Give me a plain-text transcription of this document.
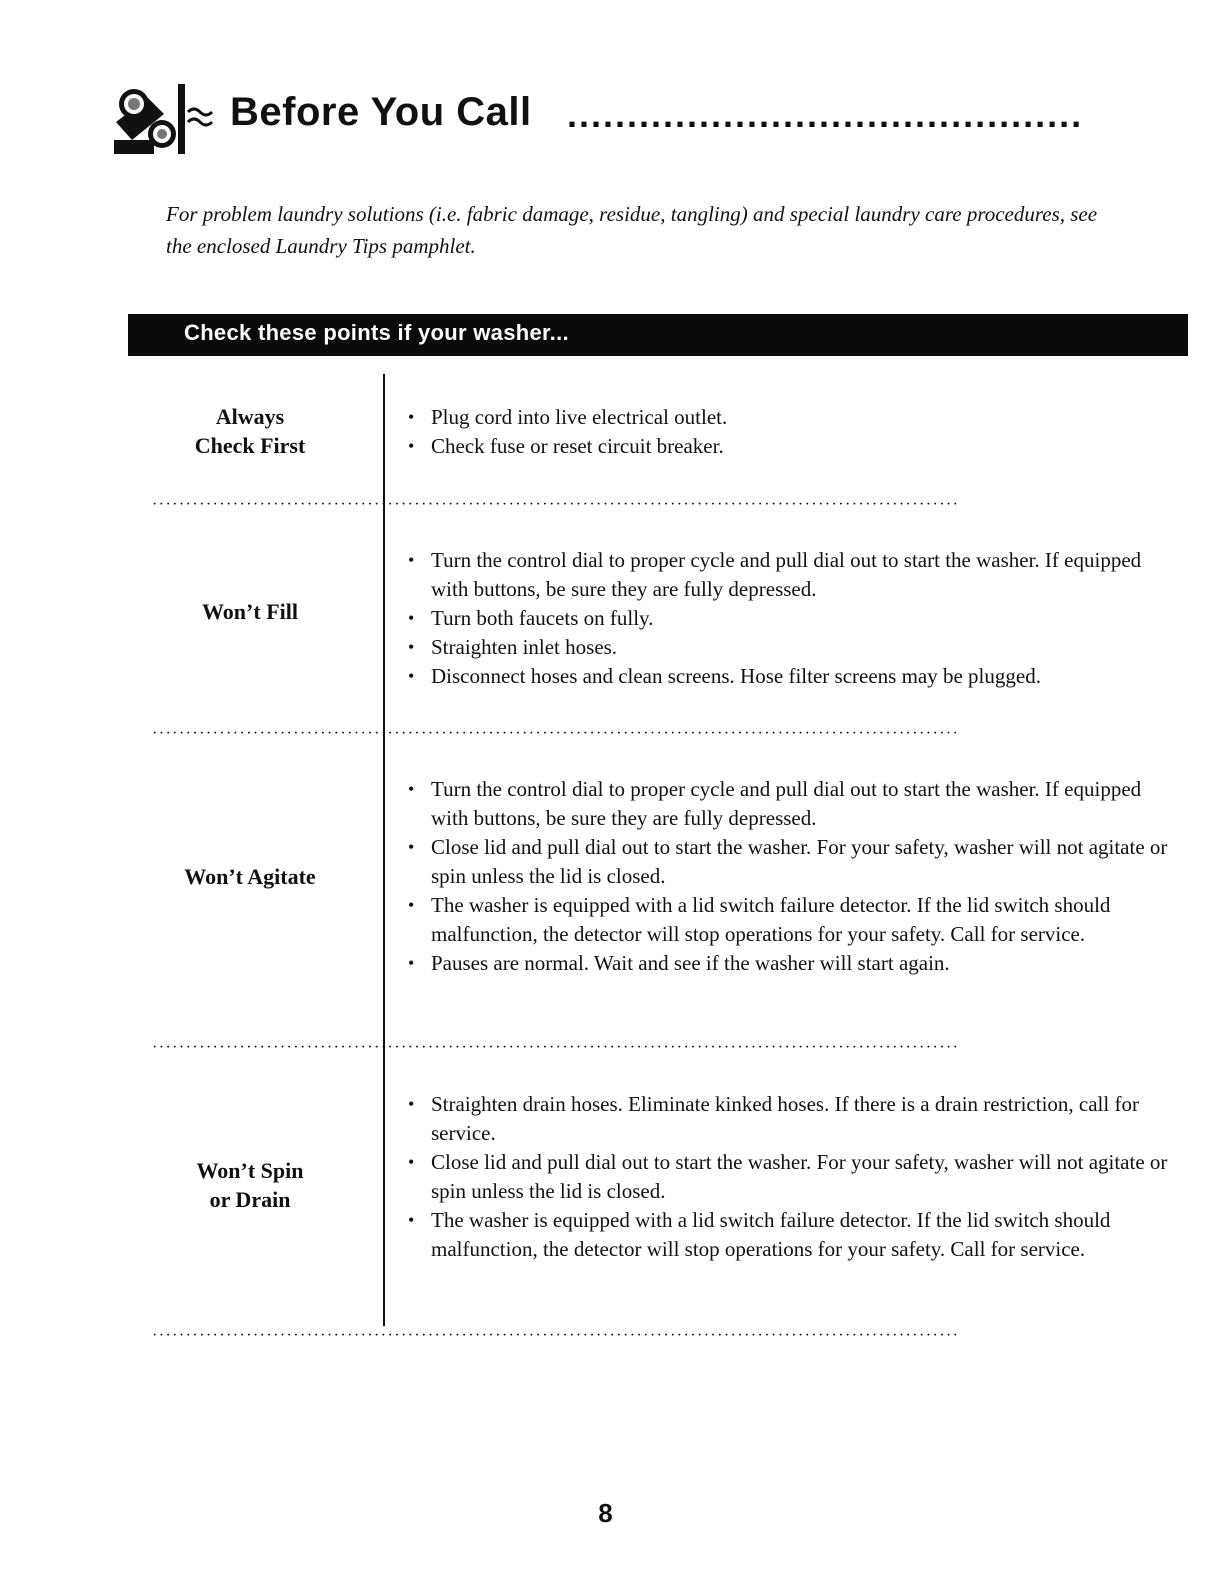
Before You Call ...........................................
For problem laundry solutions (i.e. fabric damage, residue, tangling) and special laundry care procedures, see the enclosed Laundry Tips pamphlet.
Check these points if your washer...
Always
Check First
• Plug cord into live electrical outlet.
• Check fuse or reset circuit breaker.
························································································································
Won’t Fill
• Turn the control dial to proper cycle and pull dial out to start the washer. If equipped with buttons, be sure they are fully depressed.
• Turn both faucets on fully.
• Straighten inlet hoses.
• Disconnect hoses and clean screens. Hose filter screens may be plugged.
························································································································
Won’t Agitate
• Turn the control dial to proper cycle and pull dial out to start the washer. If equipped with buttons, be sure they are fully depressed.
• Close lid and pull dial out to start the washer. For your safety, washer will not agitate or spin unless the lid is closed.
• The washer is equipped with a lid switch failure detector. If the lid switch should malfunction, the detector will stop operations for your safety. Call for service.
• Pauses are normal. Wait and see if the washer will start again.
························································································································
Won’t Spin
or Drain
• Straighten drain hoses. Eliminate kinked hoses. If there is a drain restriction, call for service.
• Close lid and pull dial out to start the washer. For your safety, washer will not agitate or spin unless the lid is closed.
• The washer is equipped with a lid switch failure detector. If the lid switch should malfunction, the detector will stop operations for your safety. Call for service.
························································································································
8
